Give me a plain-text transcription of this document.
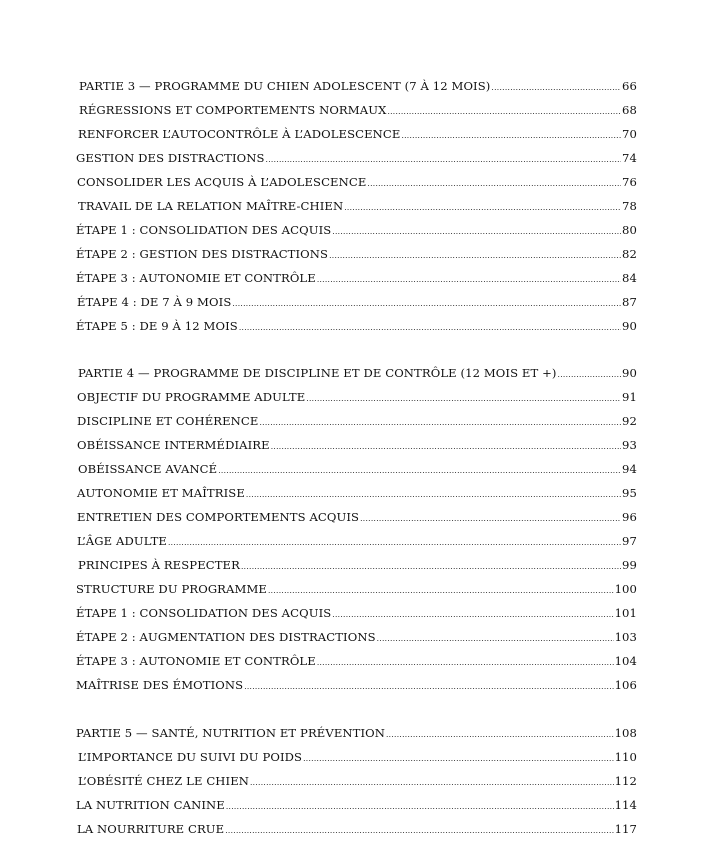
PARTIE 3 — PROGRAMME DU CHIEN ADOLESCENT (7 À 12 MOIS) .....	66
RÉGRESSIONS ET COMPORTEMENTS NORMAUX .....	68
RENFORCER L’AUTOCONTRÔLE À L’ADOLESCENCE .....	70
GESTION DES DISTRACTIONS .....	74
CONSOLIDER LES ACQUIS À L’ADOLESCENCE .....	76
TRAVAIL DE LA RELATION MAÎTRE-CHIEN .....	78
ÉTAPE 1 : CONSOLIDATION DES ACQUIS .....	80
ÉTAPE 2 : GESTION DES DISTRACTIONS .....	82
ÉTAPE 3 : AUTONOMIE ET CONTRÔLE .....	84
ÉTAPE 4 : DE 7 À 9 MOIS .....	87
ÉTAPE 5 : DE 9 À 12 MOIS .....	90
PARTIE 4 — PROGRAMME DE DISCIPLINE ET DE CONTRÔLE (12 MOIS ET +) .....	90
OBJECTIF DU PROGRAMME ADULTE .....	91
DISCIPLINE ET COHÉRENCE .....	92
OBÉISSANCE INTERMÉDIAIRE .....	93
OBÉISSANCE AVANCÉ .....	94
AUTONOMIE ET MAÎTRISE .....	95
ENTRETIEN DES COMPORTEMENTS ACQUIS .....	96
L’ÂGE ADULTE .....	97
PRINCIPES À RESPECTER .....	99
STRUCTURE DU PROGRAMME .....	100
ÉTAPE 1 : CONSOLIDATION DES ACQUIS .....	101
ÉTAPE 2 : AUGMENTATION DES DISTRACTIONS .....	103
ÉTAPE 3 : AUTONOMIE ET CONTRÔLE .....	104
MAÎTRISE DES ÉMOTIONS .....	106
PARTIE 5 — SANTÉ, NUTRITION ET PRÉVENTION .....	108
L’IMPORTANCE DU SUIVI DU POIDS .....	110
L’OBÉSITÉ CHEZ LE CHIEN .....	112
LA NUTRITION CANINE .....	114
LA NOURRITURE CRUE .....	117
